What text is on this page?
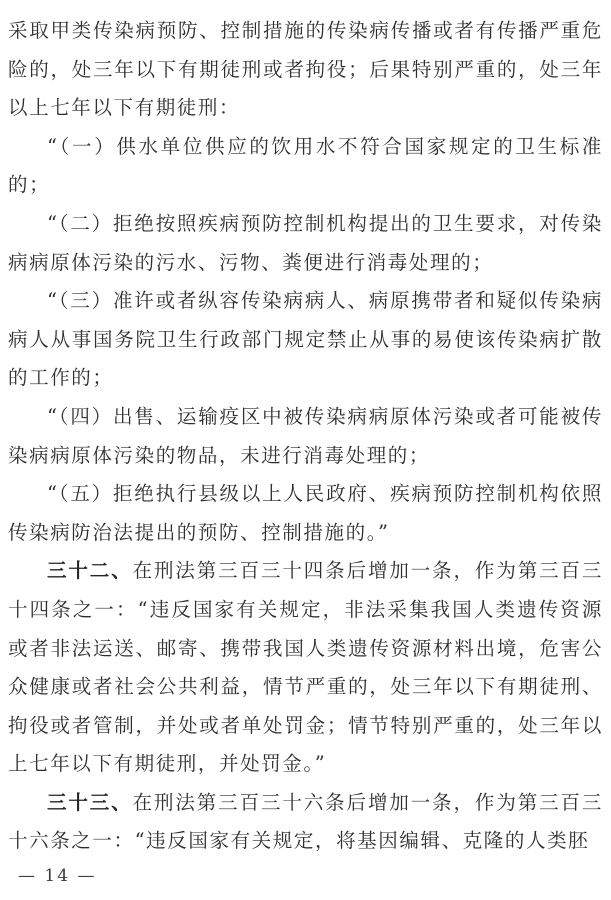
采取甲类传染病预防、控制措施的传染病传播或者有传播严重危险的，处三年以下有期徒刑或者拘役；后果特别严重的，处三年以上七年以下有期徒刑：

“（一）供水单位供应的饮用水不符合国家规定的卫生标准的；

“（二）拒绝按照疾病预防控制机构提出的卫生要求，对传染病病原体污染的污水、污物、粪便进行消毒处理的；

“（三）准许或者纵容传染病病人、病原携带者和疑似传染病病人从事国务院卫生行政部门规定禁止从事的易使该传染病扩散的工作的；

“（四）出售、运输疫区中被传染病病原体污染或者可能被传染病病原体污染的物品，未进行消毒处理的；

“（五）拒绝执行县级以上人民政府、疾病预防控制机构依照传染病防治法提出的预防、控制措施的。”

三十二、在刑法第三百三十四条后增加一条，作为第三百三十四条之一：“违反国家有关规定，非法采集我国人类遗传资源或者非法运送、邮寄、携带我国人类遗传资源材料出境，危害公众健康或者社会公共利益，情节严重的，处三年以下有期徒刑、拘役或者管制，并处或者单处罚金；情节特别严重的，处三年以上七年以下有期徒刑，并处罚金。”

三十三、在刑法第三百三十六条后增加一条，作为第三百三十六条之一：“违反国家有关规定，将基因编辑、克隆的人类胚

— 14 —
